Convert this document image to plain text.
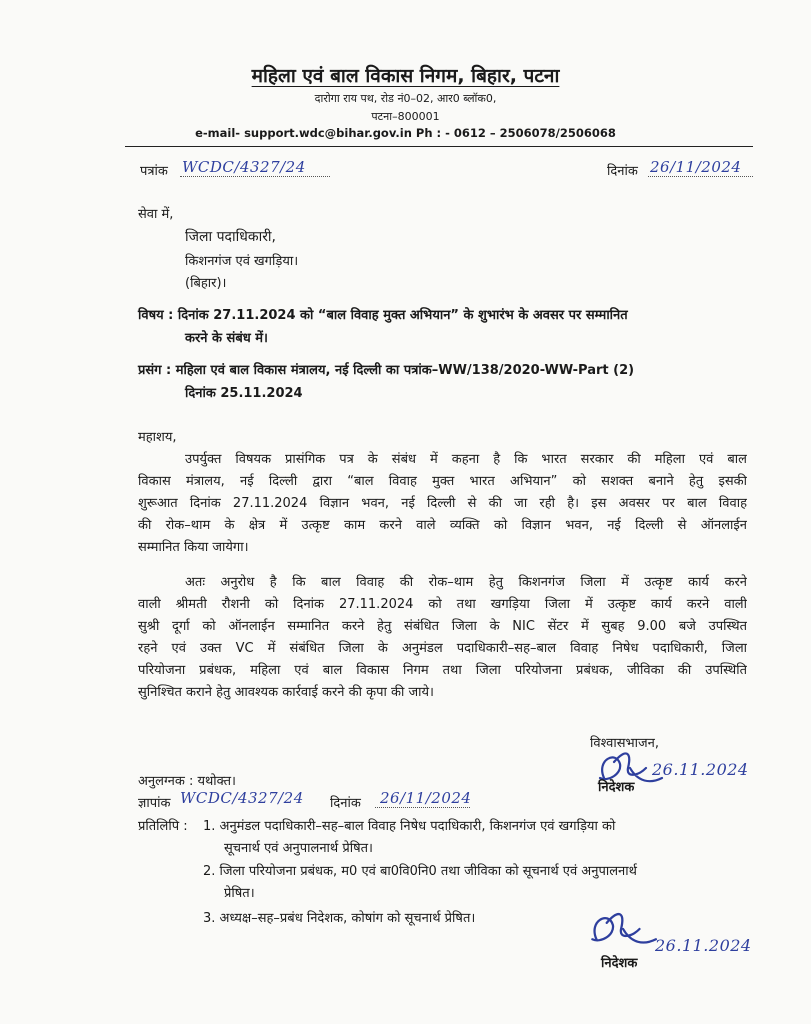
महिला एवं बाल विकास निगम, बिहार, पटना
दारोगा राय पथ, रोड नं0–02, आर0 ब्लॉक0,
पटना–800001
e-mail- support.wdc@bihar.gov.in Ph : - 0612 – 2506078/2506068
पत्रांक WCDC/4327/24	दिनांक 26/11/2024
सेवा में,
जिला पदाधिकारी,
किशनगंज एवं खगड़िया।
(बिहार)।
विषय : दिनांक 27.11.2024 को “बाल विवाह मुक्त अभियान” के शुभारंभ के अवसर पर सम्मानित
करने के संबंध में।
प्रसंग : महिला एवं बाल विकास मंत्रालय, नई दिल्ली का पत्रांक–WW/138/2020-WW-Part (2)
दिनांक 25.11.2024
महाशय,
उपर्युक्त विषयक प्रासंगिक पत्र के संबंध में कहना है कि भारत सरकार की महिला एवं बाल
विकास मंत्रालय, नई दिल्ली द्वारा “बाल विवाह मुक्त भारत अभियान” को सशक्त बनाने हेतु इसकी
शुरूआत दिनांक 27.11.2024 विज्ञान भवन, नई दिल्ली से की जा रही है। इस अवसर पर बाल विवाह
की रोक–थाम के क्षेत्र में उत्कृष्ट काम करने वाले व्यक्ति को विज्ञान भवन, नई दिल्ली से ऑनलाईन
सम्मानित किया जायेगा।
अतः अनुरोध है कि बाल विवाह की रोक–थाम हेतु किशनगंज जिला में उत्कृष्ट कार्य करने
वाली श्रीमती रौशनी को दिनांक 27.11.2024 को तथा खगड़िया जिला में उत्कृष्ट कार्य करने वाली
सुश्री दूर्गा को ऑनलाईन सम्मानित करने हेतु संबंधित जिला के NIC सेंटर में सुबह 9.00 बजे उपस्थित
रहने एवं उक्त VC में संबंधित जिला के अनुमंडल पदाधिकारी–सह–बाल विवाह निषेध पदाधिकारी, जिला
परियोजना प्रबंधक, महिला एवं बाल विकास निगम तथा जिला परियोजना प्रबंधक, जीविका की उपस्थिति
सुनिश्चित कराने हेतु आवश्यक कार्रवाई करने की कृपा की जाये।
विश्वासभाजन,
निदेशक
26.11.2024
अनुलग्नक : यथोक्त।
ज्ञापांक WCDC/4327/24 दिनांक 26/11/2024
प्रतिलिपि : 1. अनुमंडल पदाधिकारी–सह–बाल विवाह निषेध पदाधिकारी, किशनगंज एवं खगड़िया को
सूचनार्थ एवं अनुपालनार्थ प्रेषित।
2. जिला परियोजना प्रबंधक, म0 एवं बा0वि0नि0 तथा जीविका को सूचनार्थ एवं अनुपालनार्थ
प्रेषित।
3. अध्यक्ष–सह–प्रबंध निदेशक, कोषांग को सूचनार्थ प्रेषित।
निदेशक
26.11.2024
